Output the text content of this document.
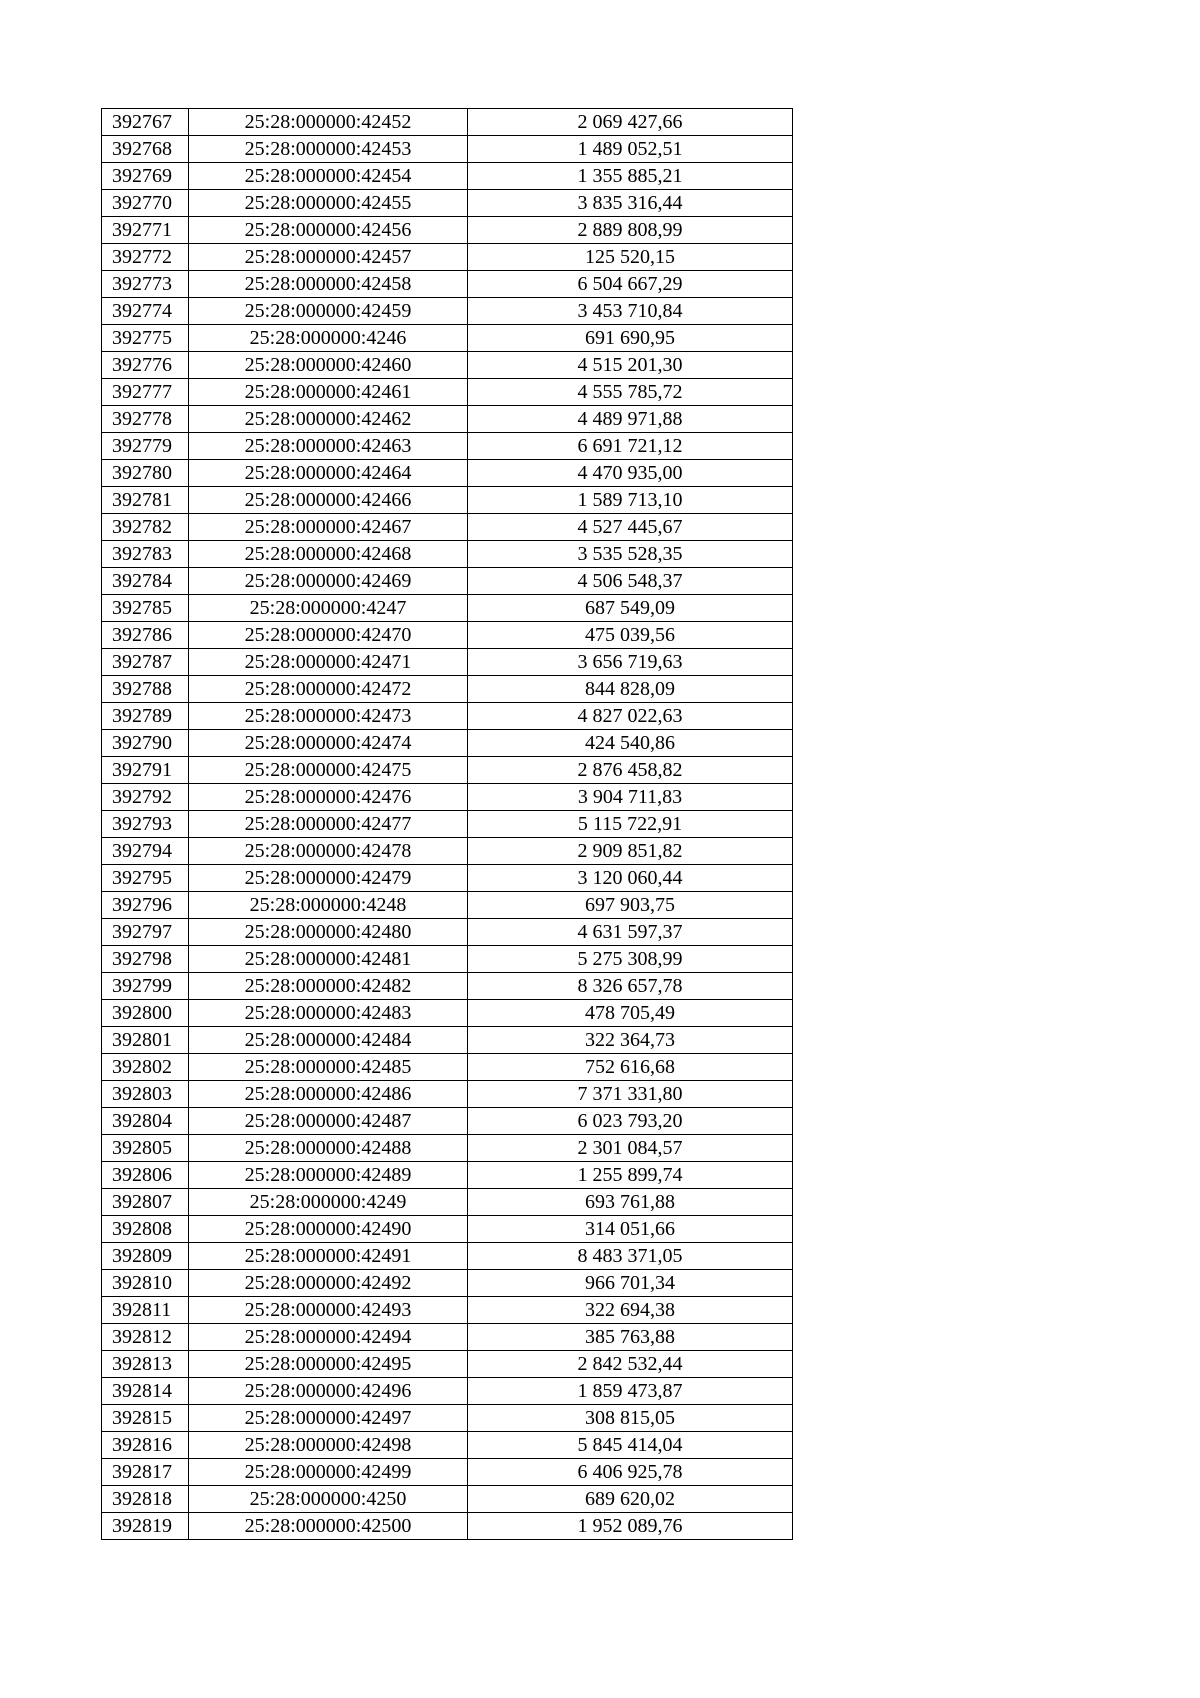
392767	25:28:000000:42452	2 069 427,66
392768	25:28:000000:42453	1 489 052,51
392769	25:28:000000:42454	1 355 885,21
392770	25:28:000000:42455	3 835 316,44
392771	25:28:000000:42456	2 889 808,99
392772	25:28:000000:42457	125 520,15
392773	25:28:000000:42458	6 504 667,29
392774	25:28:000000:42459	3 453 710,84
392775	25:28:000000:4246	691 690,95
392776	25:28:000000:42460	4 515 201,30
392777	25:28:000000:42461	4 555 785,72
392778	25:28:000000:42462	4 489 971,88
392779	25:28:000000:42463	6 691 721,12
392780	25:28:000000:42464	4 470 935,00
392781	25:28:000000:42466	1 589 713,10
392782	25:28:000000:42467	4 527 445,67
392783	25:28:000000:42468	3 535 528,35
392784	25:28:000000:42469	4 506 548,37
392785	25:28:000000:4247	687 549,09
392786	25:28:000000:42470	475 039,56
392787	25:28:000000:42471	3 656 719,63
392788	25:28:000000:42472	844 828,09
392789	25:28:000000:42473	4 827 022,63
392790	25:28:000000:42474	424 540,86
392791	25:28:000000:42475	2 876 458,82
392792	25:28:000000:42476	3 904 711,83
392793	25:28:000000:42477	5 115 722,91
392794	25:28:000000:42478	2 909 851,82
392795	25:28:000000:42479	3 120 060,44
392796	25:28:000000:4248	697 903,75
392797	25:28:000000:42480	4 631 597,37
392798	25:28:000000:42481	5 275 308,99
392799	25:28:000000:42482	8 326 657,78
392800	25:28:000000:42483	478 705,49
392801	25:28:000000:42484	322 364,73
392802	25:28:000000:42485	752 616,68
392803	25:28:000000:42486	7 371 331,80
392804	25:28:000000:42487	6 023 793,20
392805	25:28:000000:42488	2 301 084,57
392806	25:28:000000:42489	1 255 899,74
392807	25:28:000000:4249	693 761,88
392808	25:28:000000:42490	314 051,66
392809	25:28:000000:42491	8 483 371,05
392810	25:28:000000:42492	966 701,34
392811	25:28:000000:42493	322 694,38
392812	25:28:000000:42494	385 763,88
392813	25:28:000000:42495	2 842 532,44
392814	25:28:000000:42496	1 859 473,87
392815	25:28:000000:42497	308 815,05
392816	25:28:000000:42498	5 845 414,04
392817	25:28:000000:42499	6 406 925,78
392818	25:28:000000:4250	689 620,02
392819	25:28:000000:42500	1 952 089,76
